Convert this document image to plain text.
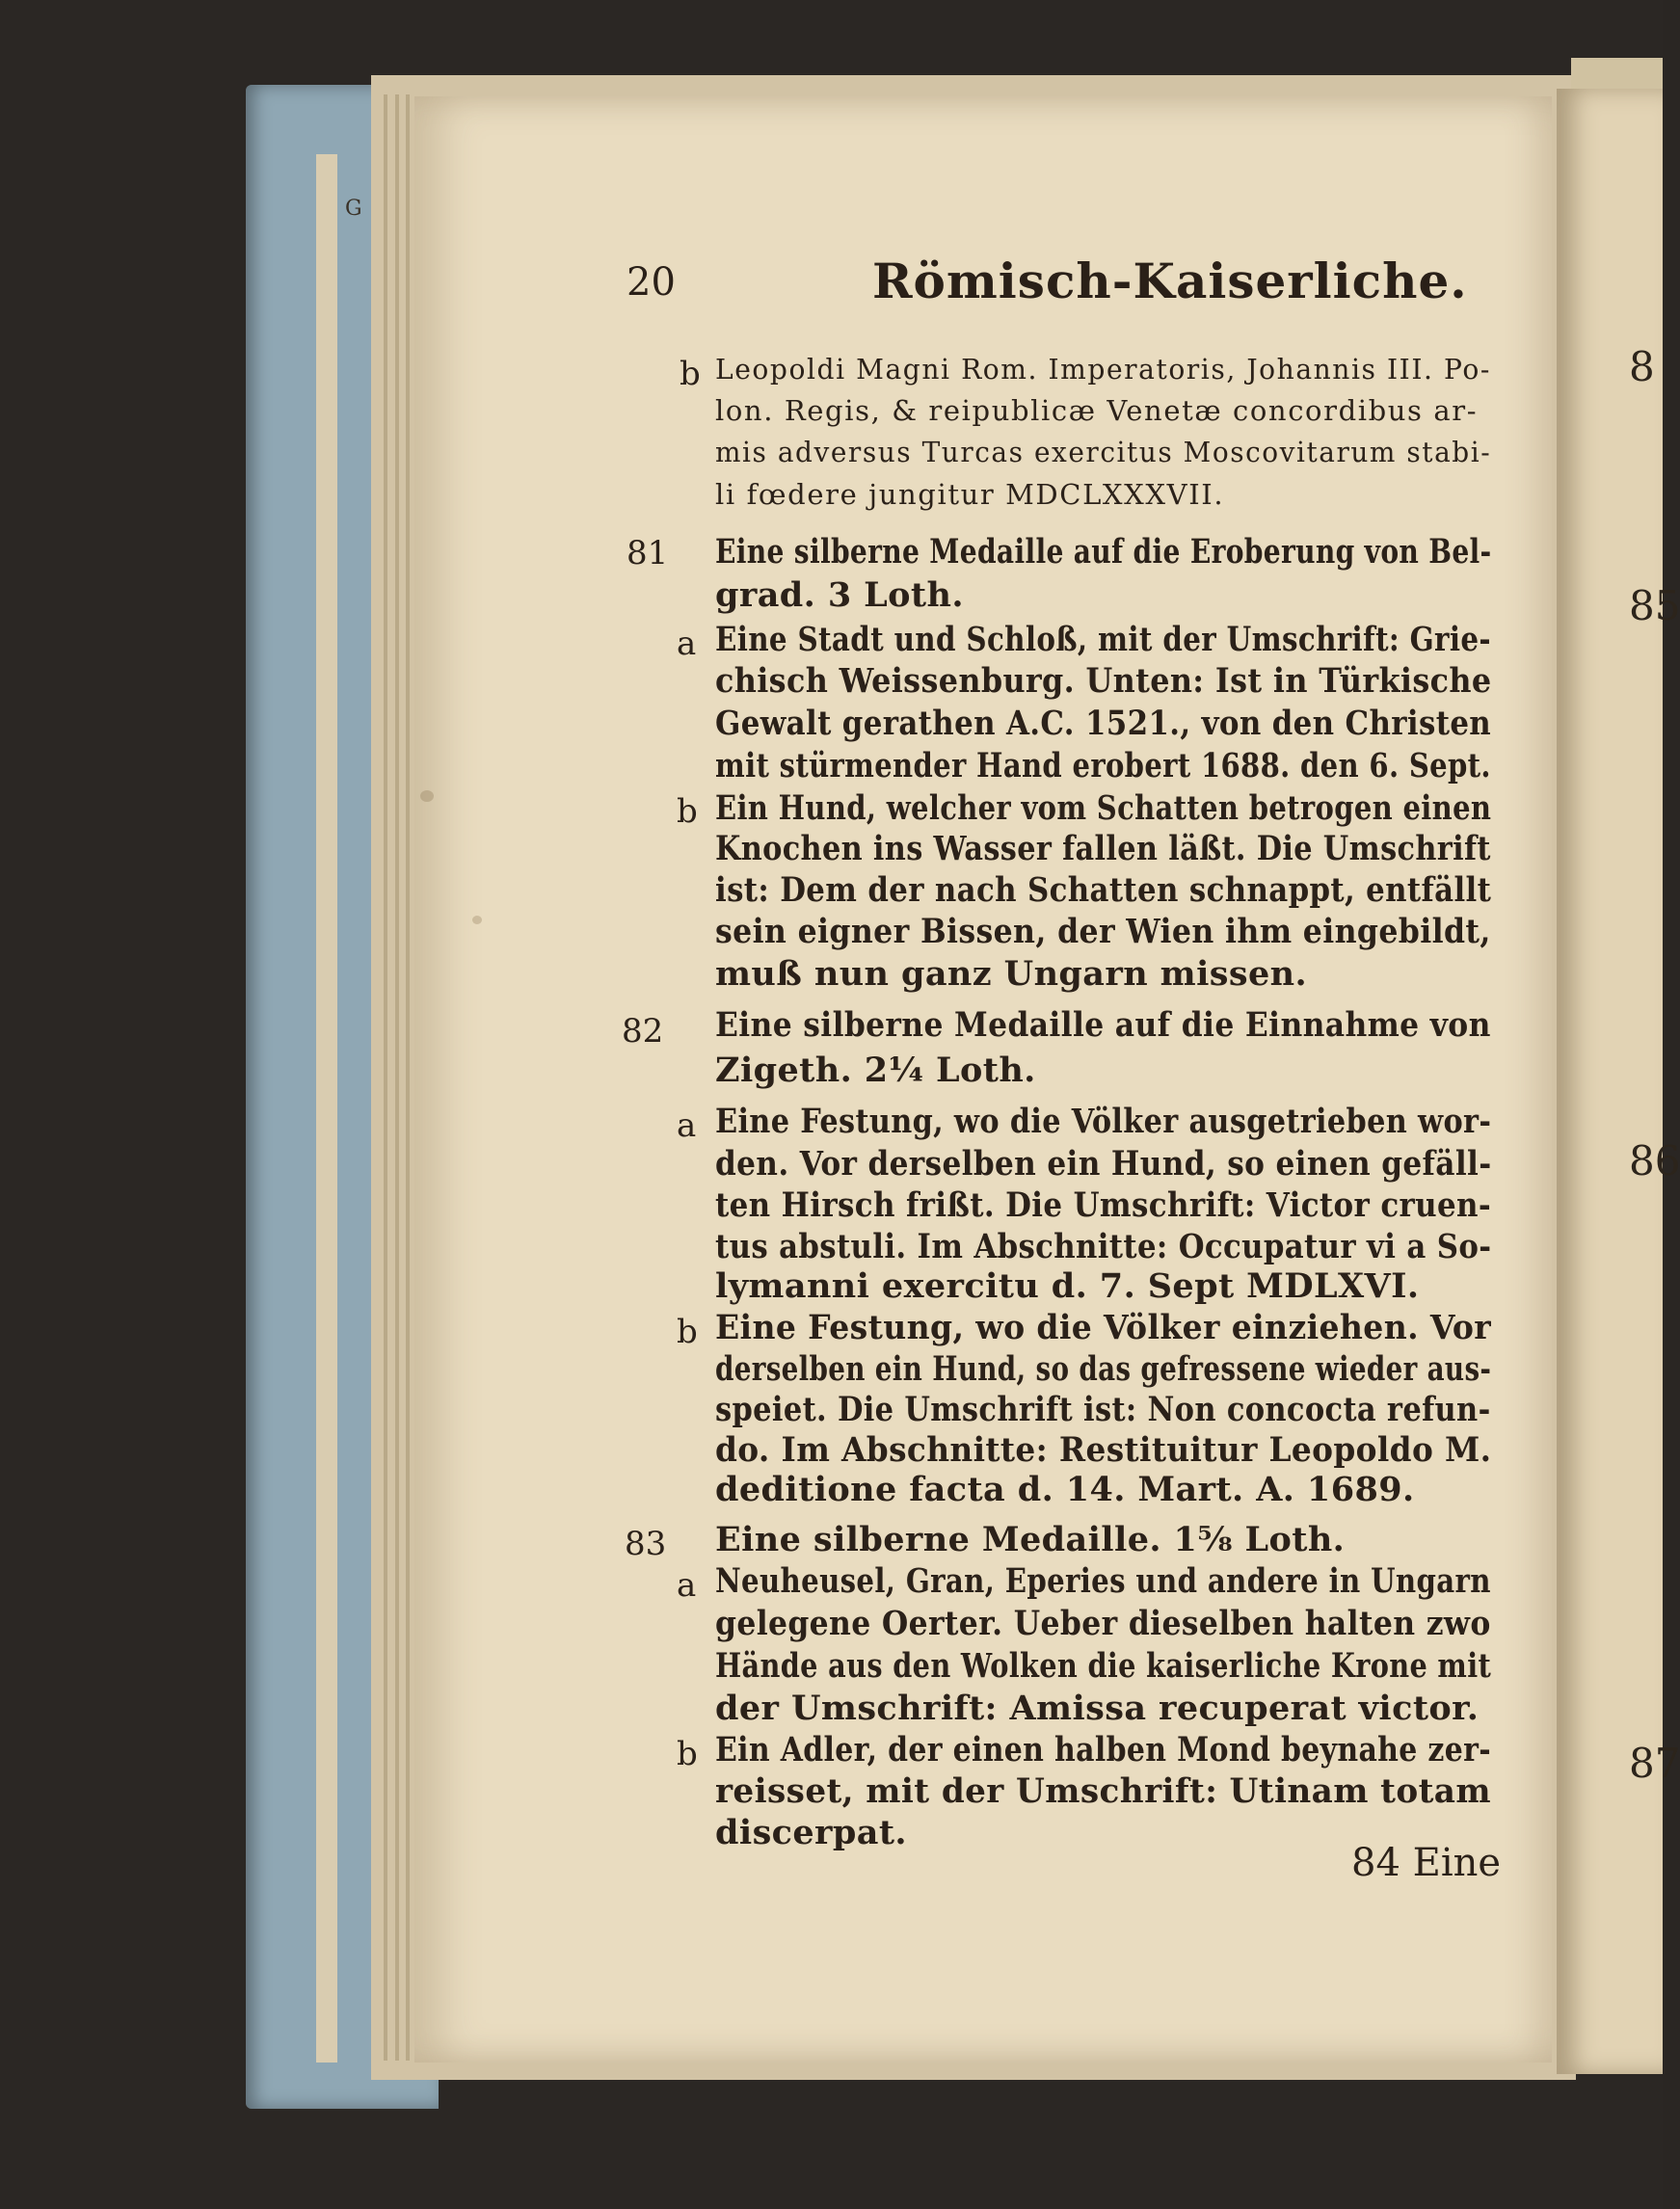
G
8
85
86
87
20	Römisch-Kaiserliche.
b Leopoldi Magni Rom. Imperatoris, Johannis III. Po-
lon. Regis, & reipublicæ Venetæ concordibus ar-
mis adversus Turcas exercitus Moscovitarum stabi-
li fœdere jungitur MDCLXXXVII.
81 Eine silberne Medaille auf die Eroberung von Bel-
grad. 3 Loth.
a Eine Stadt und Schloß, mit der Umschrift: Grie-
chisch Weissenburg. Unten: Ist in Türkische
Gewalt gerathen A.C. 1521., von den Christen
mit stürmender Hand erobert 1688. den 6. Sept.
b Ein Hund, welcher vom Schatten betrogen einen
Knochen ins Wasser fallen läßt. Die Umschrift
ist: Dem der nach Schatten schnappt, entfällt
sein eigner Bissen, der Wien ihm eingebildt,
muß nun ganz Ungarn missen.
82 Eine silberne Medaille auf die Einnahme von
Zigeth. 2¼ Loth.
a Eine Festung, wo die Völker ausgetrieben wor-
den. Vor derselben ein Hund, so einen gefäll-
ten Hirsch frißt. Die Umschrift: Victor cruen-
tus abstuli. Im Abschnitte: Occupatur vi a So-
lymanni exercitu d. 7. Sept MDLXVI.
b Eine Festung, wo die Völker einziehen. Vor
derselben ein Hund, so das gefressene wieder aus-
speiet. Die Umschrift ist: Non concocta refun-
do. Im Abschnitte: Restituitur Leopoldo M.
deditione facta d. 14. Mart. A. 1689.
83 Eine silberne Medaille. 1⅝ Loth.
a Neuheusel, Gran, Eperies und andere in Ungarn
gelegene Oerter. Ueber dieselben halten zwo
Hände aus den Wolken die kaiserliche Krone mit
der Umschrift: Amissa recuperat victor.
b Ein Adler, der einen halben Mond beynahe zer-
reisset, mit der Umschrift: Utinam totam
discerpat.
84 Eine
